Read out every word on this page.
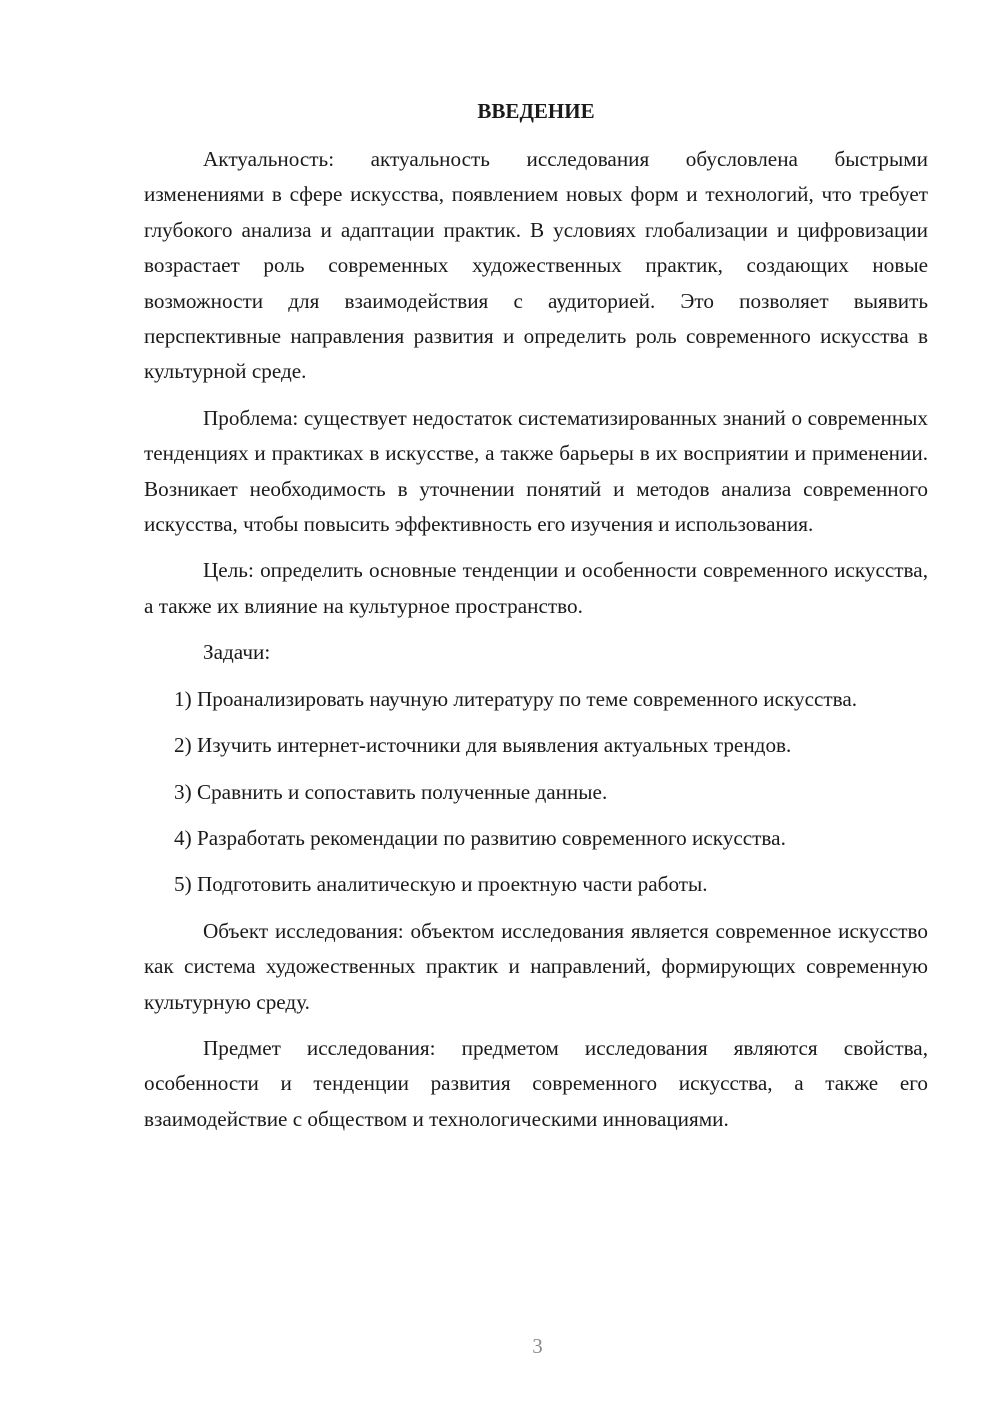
ВВЕДЕНИЕ

Актуальность: актуальность исследования обусловлена быстрыми изменениями в сфере искусства, появлением новых форм и технологий, что требует глубокого анализа и адаптации практик. В условиях глобализации и цифровизации возрастает роль современных художественных практик, создающих новые возможности для взаимодействия с аудиторией. Это позволяет выявить перспективные направления развития и определить роль современного искусства в культурной среде.

Проблема: существует недостаток систематизированных знаний о современных тенденциях и практиках в искусстве, а также барьеры в их восприятии и применении. Возникает необходимость в уточнении понятий и методов анализа современного искусства, чтобы повысить эффективность его изучения и использования.

Цель: определить основные тенденции и особенности современного искусства, а также их влияние на культурное пространство.

Задачи:

1) Проанализировать научную литературу по теме современного искусства.

2) Изучить интернет-источники для выявления актуальных трендов.

3) Сравнить и сопоставить полученные данные.

4) Разработать рекомендации по развитию современного искусства.

5) Подготовить аналитическую и проектную части работы.

Объект исследования: объектом исследования является современное искусство как система художественных практик и направлений, формирующих современную культурную среду.

Предмет исследования: предметом исследования являются свойства, особенности и тенденции развития современного искусства, а также его взаимодействие с обществом и технологическими инновациями.

3
